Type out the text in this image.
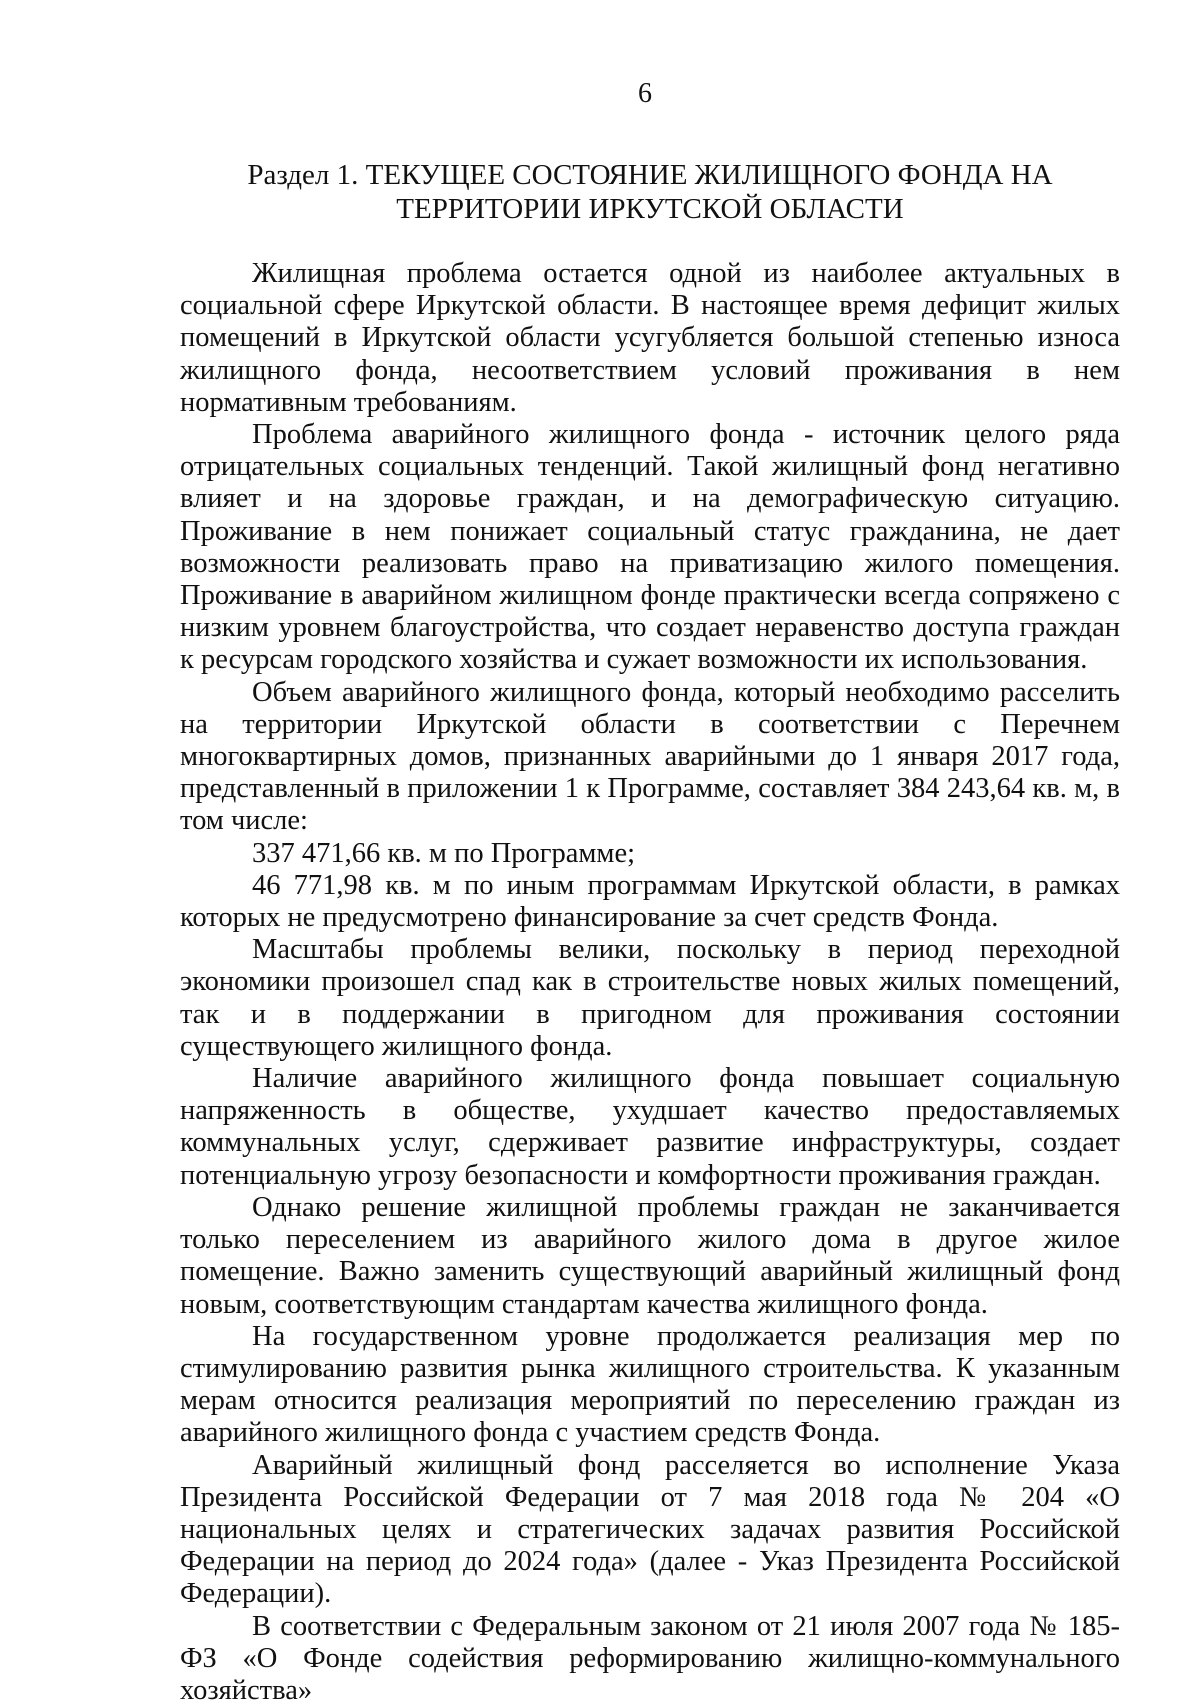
6
Раздел 1. ТЕКУЩЕЕ СОСТОЯНИЕ ЖИЛИЩНОГО ФОНДА НА
ТЕРРИТОРИИ ИРКУТСКОЙ ОБЛАСТИ

Жилищная проблема остается одной из наиболее актуальных в социальной сфере Иркутской области. В настоящее время дефицит жилых помещений в Иркутской области усугубляется большой степенью износа жилищного фонда, несоответствием условий проживания в нем нормативным требованиям.

Проблема аварийного жилищного фонда - источник целого ряда отрицательных социальных тенденций. Такой жилищный фонд негативно влияет и на здоровье граждан, и на демографическую ситуацию. Проживание в нем понижает социальный статус гражданина, не дает возможности реализовать право на приватизацию жилого помещения. Проживание в аварийном жилищном фонде практически всегда сопряжено с низким уровнем благоустройства, что создает неравенство доступа граждан к ресурсам городского хозяйства и сужает возможности их использования.

Объем аварийного жилищного фонда, который необходимо расселить на территории Иркутской области в соответствии с Перечнем многоквартирных домов, признанных аварийными до 1 января 2017 года, представленный в приложении 1 к Программе, составляет 384 243,64 кв. м, в том числе:

337 471,66 кв. м по Программе;

46 771,98 кв. м по иным программам Иркутской области, в рамках которых не предусмотрено финансирование за счет средств Фонда.

Масштабы проблемы велики, поскольку в период переходной экономики произошел спад как в строительстве новых жилых помещений, так и в поддержании в пригодном для проживания состоянии существующего жилищного фонда.

Наличие аварийного жилищного фонда повышает социальную напряженность в обществе, ухудшает качество предоставляемых коммунальных услуг, сдерживает развитие инфраструктуры, создает потенциальную угрозу безопасности и комфортности проживания граждан.

Однако решение жилищной проблемы граждан не заканчивается только переселением из аварийного жилого дома в другое жилое помещение. Важно заменить существующий аварийный жилищный фонд новым, соответствующим стандартам качества жилищного фонда.

На государственном уровне продолжается реализация мер по стимулированию развития рынка жилищного строительства. К указанным мерам относится реализация мероприятий по переселению граждан из аварийного жилищного фонда с участием средств Фонда.

Аварийный жилищный фонд расселяется во исполнение Указа Президента Российской Федерации от 7 мая 2018 года № 204 «О национальных целях и стратегических задачах развития Российской Федерации на период до 2024 года» (далее - Указ Президента Российской Федерации).

В соответствии с Федеральным законом от 21 июля 2007 года № 185-ФЗ «О Фонде содействия реформированию жилищно-коммунального хозяйства»
